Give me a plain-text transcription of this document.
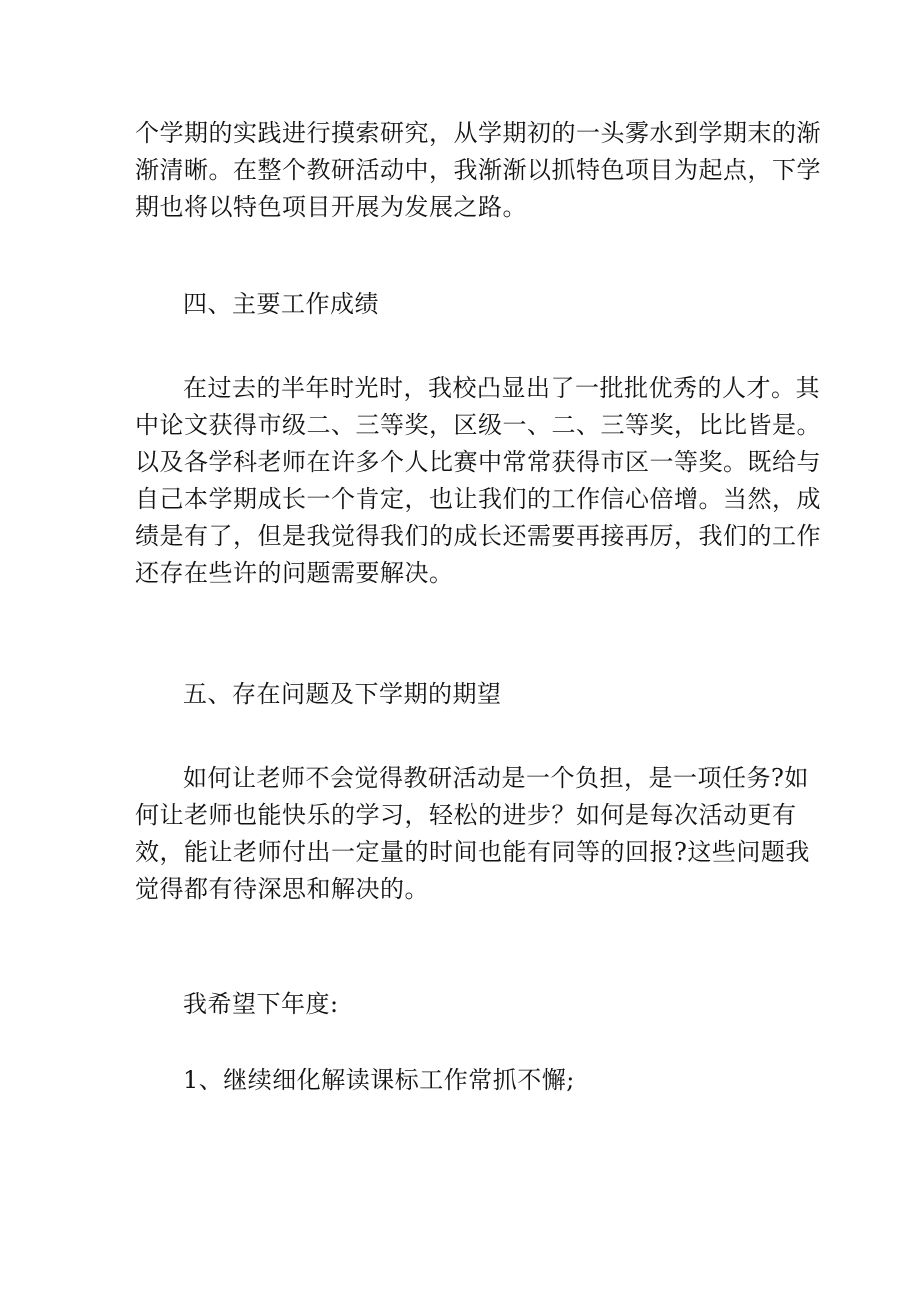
个学期的实践进行摸索研究，从学期初的一头雾水到学期末的渐
渐清晰。在整个教研活动中，我渐渐以抓特色项目为起点，下学
期也将以特色项目开展为发展之路。
四、主要工作成绩
在过去的半年时光时，我校凸显出了一批批优秀的人才。其
中论文获得市级二、三等奖，区级一、二、三等奖，比比皆是。
以及各学科老师在许多个人比赛中常常获得市区一等奖。既给与
自己本学期成长一个肯定，也让我们的工作信心倍增。当然，成
绩是有了，但是我觉得我们的成长还需要再接再厉，我们的工作
还存在些许的问题需要解决。
五、存在问题及下学期的期望
如何让老师不会觉得教研活动是一个负担，是一项任务?如
何让老师也能快乐的学习，轻松的进步？如何是每次活动更有
效，能让老师付出一定量的时间也能有同等的回报?这些问题我
觉得都有待深思和解决的。
我希望下年度:
1、继续细化解读课标工作常抓不懈;
